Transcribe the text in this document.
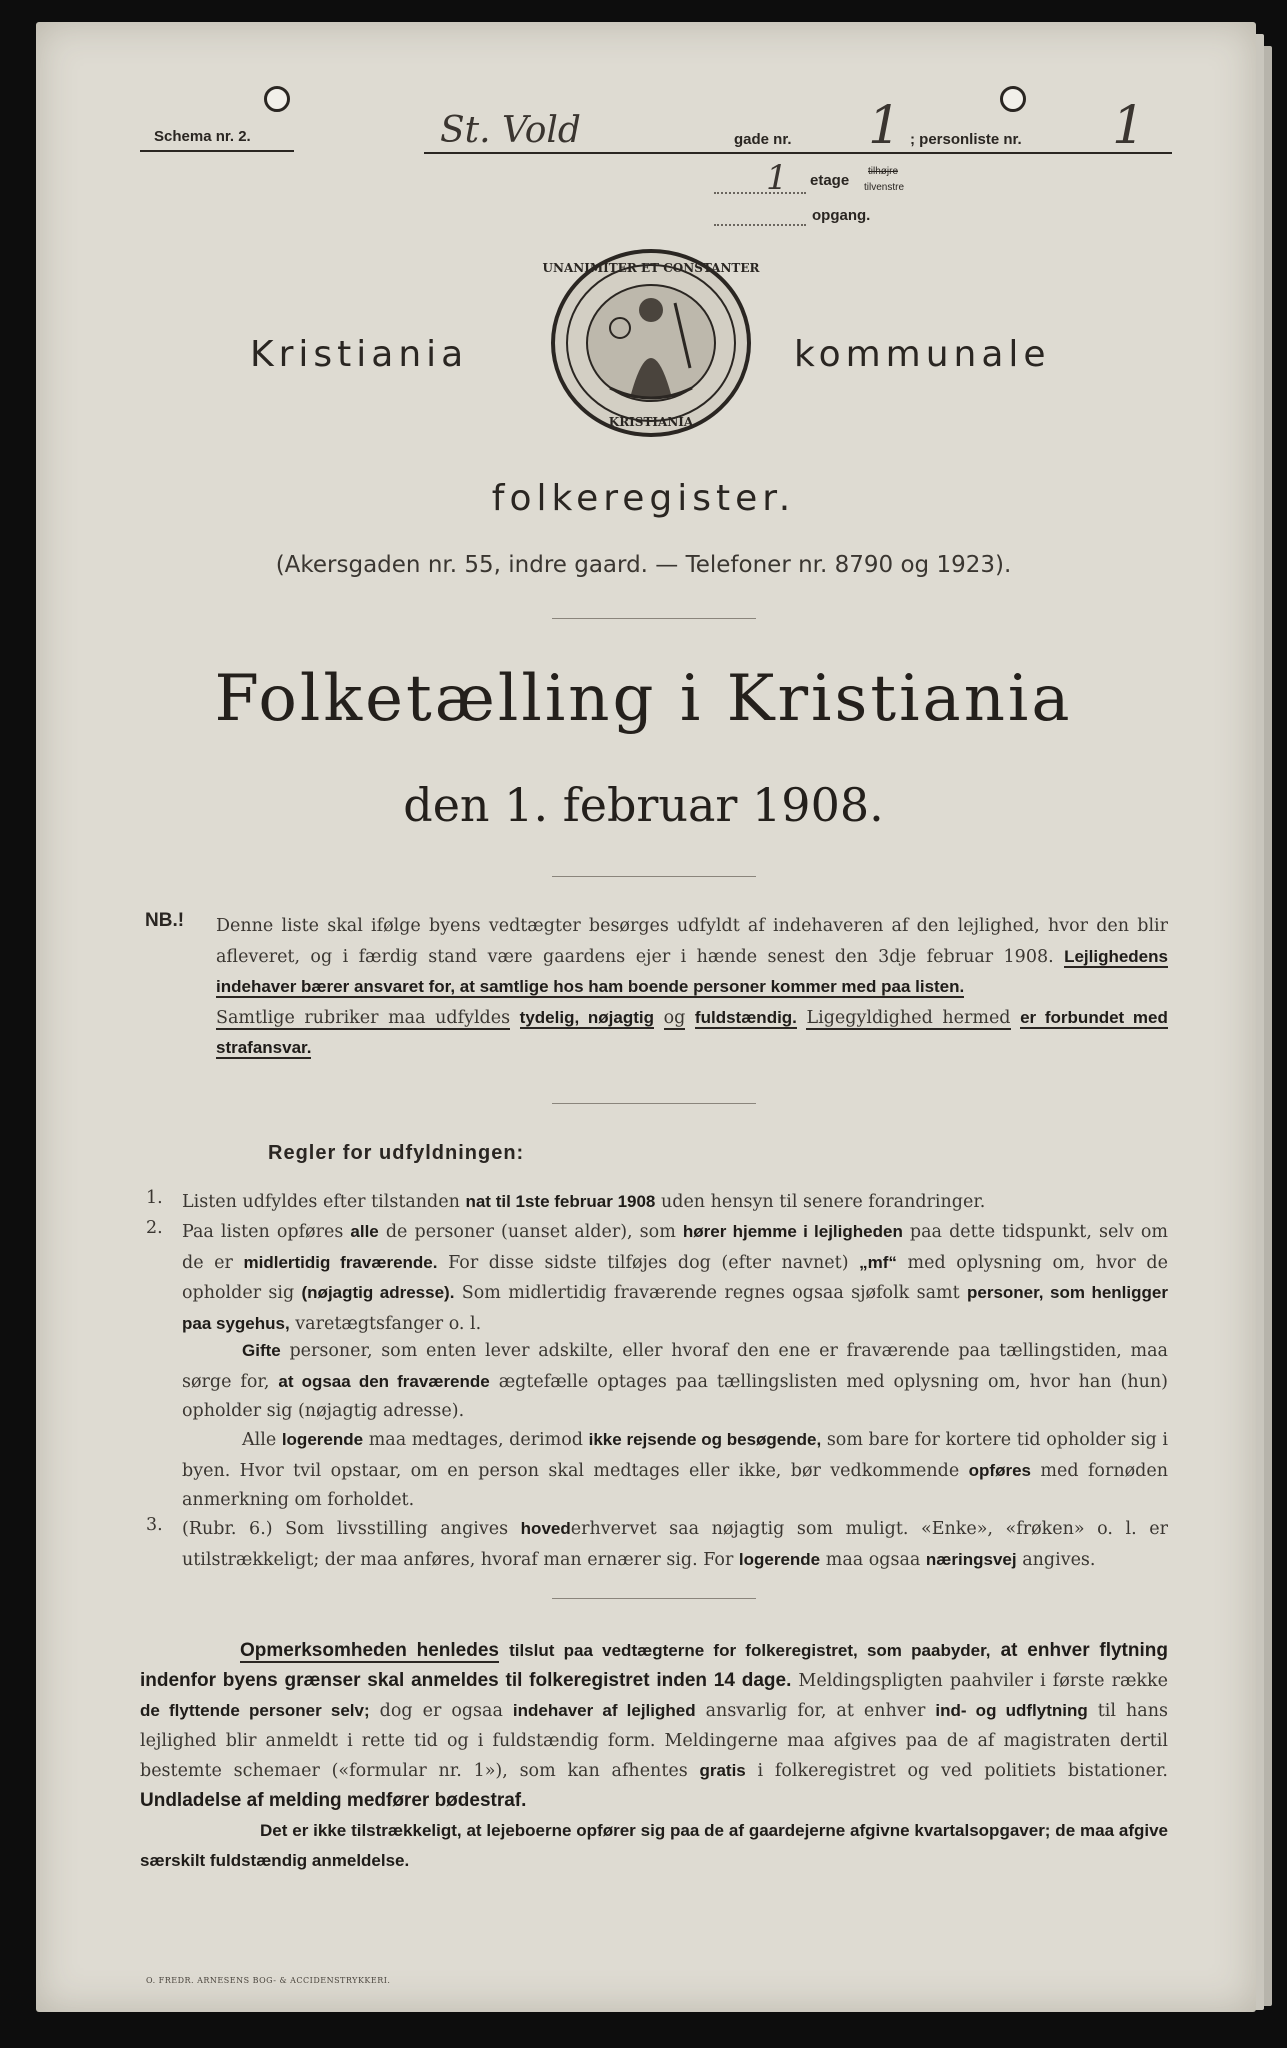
Schema nr. 2.	St. Vold	gade nr. 1 ; personliste nr. 1
1 etage
tilhøjre
tilvenstre
opgang.
Kristiania	kommunale
UNANIMITER ET CONSTANTER
KRISTIANIA
folkeregister.
(Akersgaden nr. 55, indre gaard. — Telefoner nr. 8790 og 1923).
Folketælling i Kristiania
den 1. februar 1908.
NB.! Denne liste skal ifølge byens vedtægter besørges udfyldt af indehaveren af den lejlighed, hvor den blir afleveret, og i færdig stand være gaardens ejer i hænde senest den 3dje februar 1908. Lejlighedens indehaver bærer ansvaret for, at samtlige hos ham boende personer kommer med paa listen.
Samtlige rubriker maa udfyldes tydelig, nøjagtig og fuldstændig. Ligegyldighed hermed er forbundet med strafansvar.
Regler for udfyldningen:
1. Listen udfyldes efter tilstanden nat til 1ste februar 1908 uden hensyn til senere forandringer.
2. Paa listen opføres alle de personer (uanset alder), som hører hjemme i lejligheden paa dette tidspunkt, selv om de er midlertidig fraværende. For disse sidste tilføjes dog (efter navnet) „mf“ med oplysning om, hvor de opholder sig (nøjagtig adresse). Som midlertidig fraværende regnes ogsaa sjøfolk samt personer, som henligger paa sygehus, varetægtsfanger o. l.
Gifte personer, som enten lever adskilte, eller hvoraf den ene er fraværende paa tællingstiden, maa sørge for, at ogsaa den fraværende ægtefælle optages paa tællingslisten med oplysning om, hvor han (hun) opholder sig (nøjagtig adresse).
Alle logerende maa medtages, derimod ikke rejsende og besøgende, som bare for kortere tid opholder sig i byen. Hvor tvil opstaar, om en person skal medtages eller ikke, bør vedkommende opføres med fornøden anmerkning om forholdet.
3. (Rubr. 6.) Som livsstilling angives hovederhvervet saa nøjagtig som muligt. «Enke», «frøken» o. l. er utilstrækkeligt; der maa anføres, hvoraf man ernærer sig. For logerende maa ogsaa næringsvej angives.
Opmerksomheden henledes tilslut paa vedtægterne for folkeregistret, som paabyder, at enhver flytning indenfor byens grænser skal anmeldes til folkeregistret inden 14 dage. Meldingspligten paahviler i første række de flyttende personer selv; dog er ogsaa indehaver af lejlighed ansvarlig for, at enhver ind- og udflytning til hans lejlighed blir anmeldt i rette tid og i fuldstændig form. Meldingerne maa afgives paa de af magistraten dertil bestemte schemaer («formular nr. 1»), som kan afhentes gratis i folkeregistret og ved politiets bistationer. Undladelse af melding medfører bødestraf.
Det er ikke tilstrækkeligt, at lejeboerne opfører sig paa de af gaardejerne afgivne kvartalsopgaver; de maa afgive særskilt fuldstændig anmeldelse.
O. FREDR. ARNESENS BOG- & ACCIDENSTRYKKERI.
